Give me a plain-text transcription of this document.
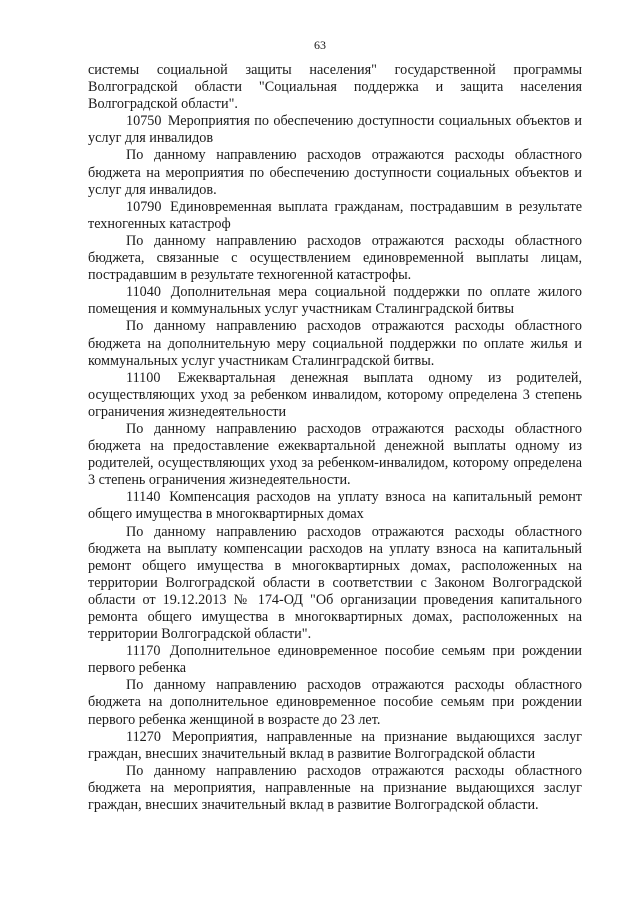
63

системы социальной защиты населения" государственной программы Волгоградской области "Социальная поддержка и защита населения Волгоградской области".

10750 Мероприятия по обеспечению доступности социальных объектов и услуг для инвалидов

По данному направлению расходов отражаются расходы областного бюджета на мероприятия по обеспечению доступности социальных объектов и услуг для инвалидов.

10790 Единовременная выплата гражданам, пострадавшим в результате техногенных катастроф

По данному направлению расходов отражаются расходы областного бюджета, связанные с осуществлением единовременной выплаты лицам, пострадавшим в результате техногенной катастрофы.

11040 Дополнительная мера социальной поддержки по оплате жилого помещения и коммунальных услуг участникам Сталинградской битвы

По данному направлению расходов отражаются расходы областного бюджета на дополнительную меру социальной поддержки по оплате жилья и коммунальных услуг участникам Сталинградской битвы.

11100 Ежеквартальная денежная выплата одному из родителей, осуществляющих уход за ребенком инвалидом, которому определена 3 степень ограничения жизнедеятельности

По данному направлению расходов отражаются расходы областного бюджета на предоставление ежеквартальной денежной выплаты одному из родителей, осуществляющих уход за ребенком-инвалидом, которому определена 3 степень ограничения жизнедеятельности.

11140 Компенсация расходов на уплату взноса на капитальный ремонт общего имущества в многоквартирных домах

По данному направлению расходов отражаются расходы областного бюджета на выплату компенсации расходов на уплату взноса на капитальный ремонт общего имущества в многоквартирных домах, расположенных на территории Волгоградской области в соответствии с Законом Волгоградской области от 19.12.2013 № 174-ОД "Об организации проведения капитального ремонта общего имущества в многоквартирных домах, расположенных на территории Волгоградской области".

11170 Дополнительное единовременное пособие семьям при рождении первого ребенка

По данному направлению расходов отражаются расходы областного бюджета на дополнительное единовременное пособие семьям при рождении первого ребенка женщиной в возрасте до 23 лет.

11270 Мероприятия, направленные на признание выдающихся заслуг граждан, внесших значительный вклад в развитие Волгоградской области

По данному направлению расходов отражаются расходы областного бюджета на мероприятия, направленные на признание выдающихся заслуг граждан, внесших значительный вклад в развитие Волгоградской области.
